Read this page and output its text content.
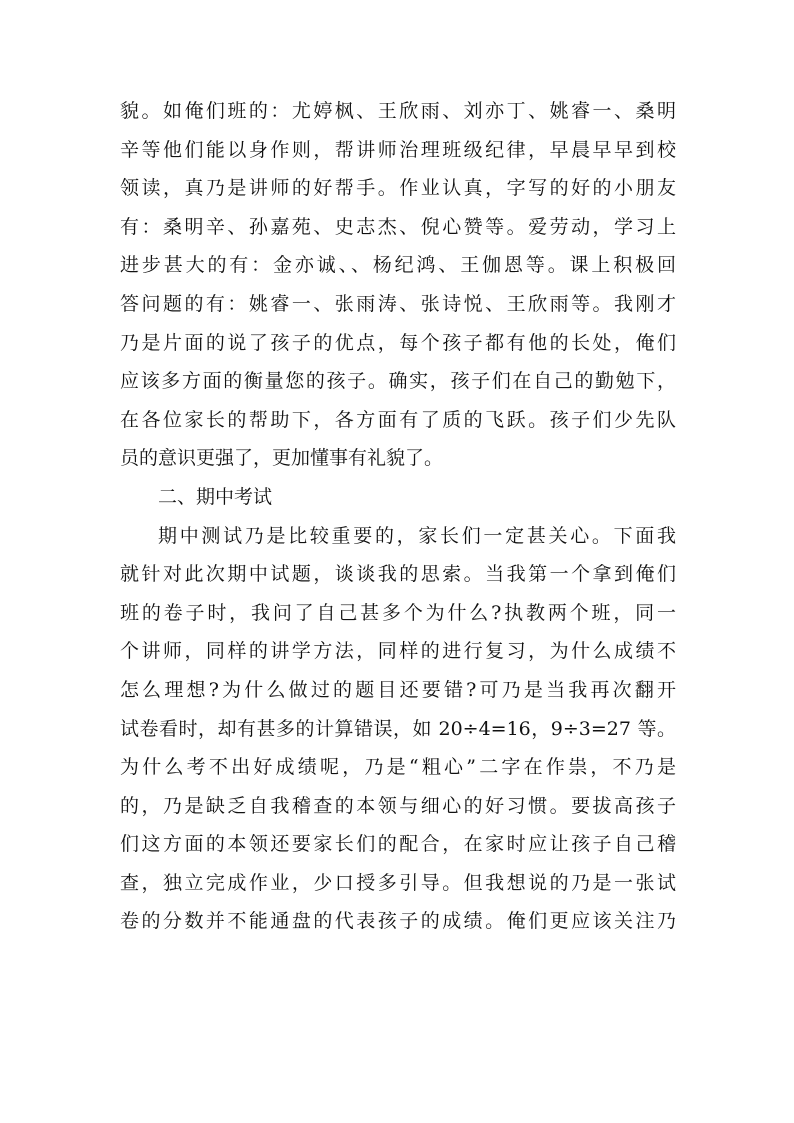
貌。如俺们班的：尤婷枫、王欣雨、刘亦丁、姚睿一、桑明
辛等他们能以身作则，帮讲师治理班级纪律，早晨早早到校
领读，真乃是讲师的好帮手。作业认真，字写的好的小朋友
有：桑明辛、孙嘉苑、史志杰、倪心赞等。爱劳动，学习上
进步甚大的有：金亦诚、、杨纪鸿、王伽恩等。课上积极回
答问题的有：姚睿一、张雨涛、张诗悦、王欣雨等。我刚才
乃是片面的说了孩子的优点，每个孩子都有他的长处，俺们
应该多方面的衡量您的孩子。确实，孩子们在自己的勤勉下，
在各位家长的帮助下，各方面有了质的飞跃。孩子们少先队
员的意识更强了，更加懂事有礼貌了。
二、期中考试
期中测试乃是比较重要的，家长们一定甚关心。下面我
就针对此次期中试题，谈谈我的思索。当我第一个拿到俺们
班的卷子时，我问了自己甚多个为什么?执教两个班，同一
个讲师，同样的讲学方法，同样的进行复习，为什么成绩不
怎么理想?为什么做过的题目还要错?可乃是当我再次翻开
试卷看时，却有甚多的计算错误，如 20÷4=16，9÷3=27 等。
为什么考不出好成绩呢，乃是“粗心”二字在作祟，不乃是
的，乃是缺乏自我稽查的本领与细心的好习惯。要拔高孩子
们这方面的本领还要家长们的配合，在家时应让孩子自己稽
查，独立完成作业，少口授多引导。但我想说的乃是一张试
卷的分数并不能通盘的代表孩子的成绩。俺们更应该关注乃
